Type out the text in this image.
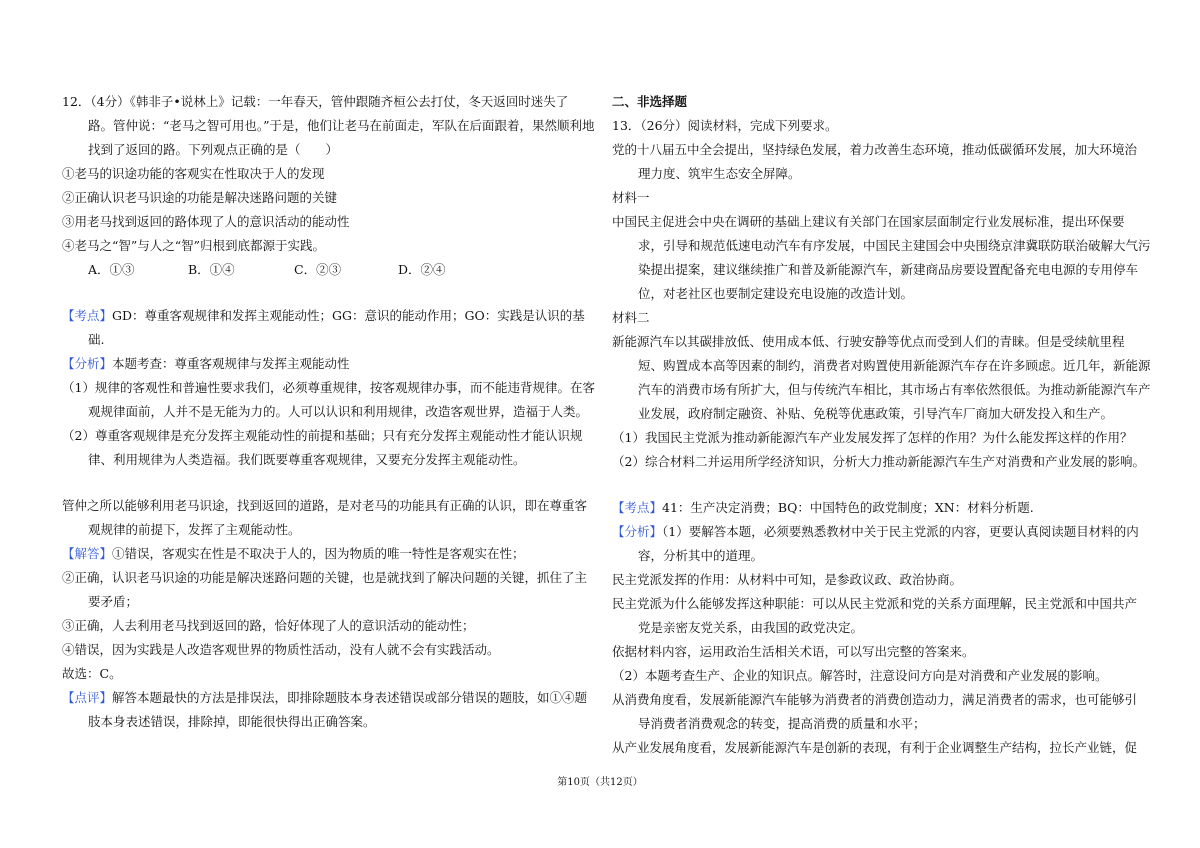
12．（4分）《韩非子•说林上》记载：一年春天，管仲跟随齐桓公去打仗，冬天返回时迷失了
路。管仲说：“老马之智可用也。”于是，他们让老马在前面走，军队在后面跟着，果然顺利地
找到了返回的路。下列观点正确的是（　　）
①老马的识途功能的客观实在性取决于人的发现
②正确认识老马识途的功能是解决迷路问题的关键
③用老马找到返回的路体现了人的意识活动的能动性
④老马之“智”与人之“智”归根到底都源于实践。
A．①③	B．①④	C．②③	D．②④
【考点】GD：尊重客观规律和发挥主观能动性；GG：意识的能动作用；GO：实践是认识的基
础.
【分析】本题考查：尊重客观规律与发挥主观能动性
（1）规律的客观性和普遍性要求我们，必须尊重规律，按客观规律办事，而不能违背规律。在客
观规律面前，人并不是无能为力的。人可以认识和利用规律，改造客观世界，造福于人类。
（2）尊重客观规律是充分发挥主观能动性的前提和基础；只有充分发挥主观能动性才能认识规
律、利用规律为人类造福。我们既要尊重客观规律，又要充分发挥主观能动性。
管仲之所以能够利用老马识途，找到返回的道路，是对老马的功能具有正确的认识，即在尊重客
观规律的前提下，发挥了主观能动性。
【解答】①错误，客观实在性是不取决于人的，因为物质的唯一特性是客观实在性；
②正确，认识老马识途的功能是解决迷路问题的关键，也是就找到了解决问题的关键，抓住了主
要矛盾；
③正确，人去利用老马找到返回的路，恰好体现了人的意识活动的能动性；
④错误，因为实践是人改造客观世界的物质性活动，没有人就不会有实践活动。
故选：C。
【点评】解答本题最快的方法是排误法，即排除题肢本身表述错误或部分错误的题肢，如①④题
肢本身表述错误，排除掉，即能很快得出正确答案。
二、非选择题
13．（26分）阅读材料，完成下列要求。
党的十八届五中全会提出，坚持绿色发展，着力改善生态环境，推动低碳循环发展，加大环境治
理力度、筑牢生态安全屏障。
材料一
中国民主促进会中央在调研的基础上建议有关部门在国家层面制定行业发展标准，提出环保要
求，引导和规范低速电动汽车有序发展，中国民主建国会中央围绕京津冀联防联治破解大气污
染提出提案，建议继续推广和普及新能源汽车，新建商品房要设置配备充电电源的专用停车
位，对老社区也要制定建设充电设施的改造计划。
材料二
新能源汽车以其碳排放低、使用成本低、行驶安静等优点而受到人们的青睐。但是受续航里程
短、购置成本高等因素的制约，消费者对购置使用新能源汽车存在许多顾虑。近几年，新能源
汽车的消费市场有所扩大，但与传统汽车相比，其市场占有率依然很低。为推动新能源汽车产
业发展，政府制定融资、补贴、免税等优惠政策，引导汽车厂商加大研发投入和生产。
（1）我国民主党派为推动新能源汽车产业发展发挥了怎样的作用？为什么能发挥这样的作用？
（2）综合材料二并运用所学经济知识，分析大力推动新能源汽车生产对消费和产业发展的影响。
【考点】41：生产决定消费；BQ：中国特色的政党制度；XN：材料分析题.
【分析】（1）要解答本题，必须要熟悉教材中关于民主党派的内容，更要认真阅读题目材料的内
容，分析其中的道理。
民主党派发挥的作用：从材料中可知，是参政议政、政治协商。
民主党派为什么能够发挥这种职能：可以从民主党派和党的关系方面理解，民主党派和中国共产
党是亲密友党关系，由我国的政党决定。
依据材料内容，运用政治生活相关术语，可以写出完整的答案来。
（2）本题考查生产、企业的知识点。解答时，注意设问方向是对消费和产业发展的影响。
从消费角度看，发展新能源汽车能够为消费者的消费创造动力，满足消费者的需求，也可能够引
导消费者消费观念的转变，提高消费的质量和水平；
从产业发展角度看，发展新能源汽车是创新的表现，有利于企业调整生产结构，拉长产业链，促
第10页（共12页）
